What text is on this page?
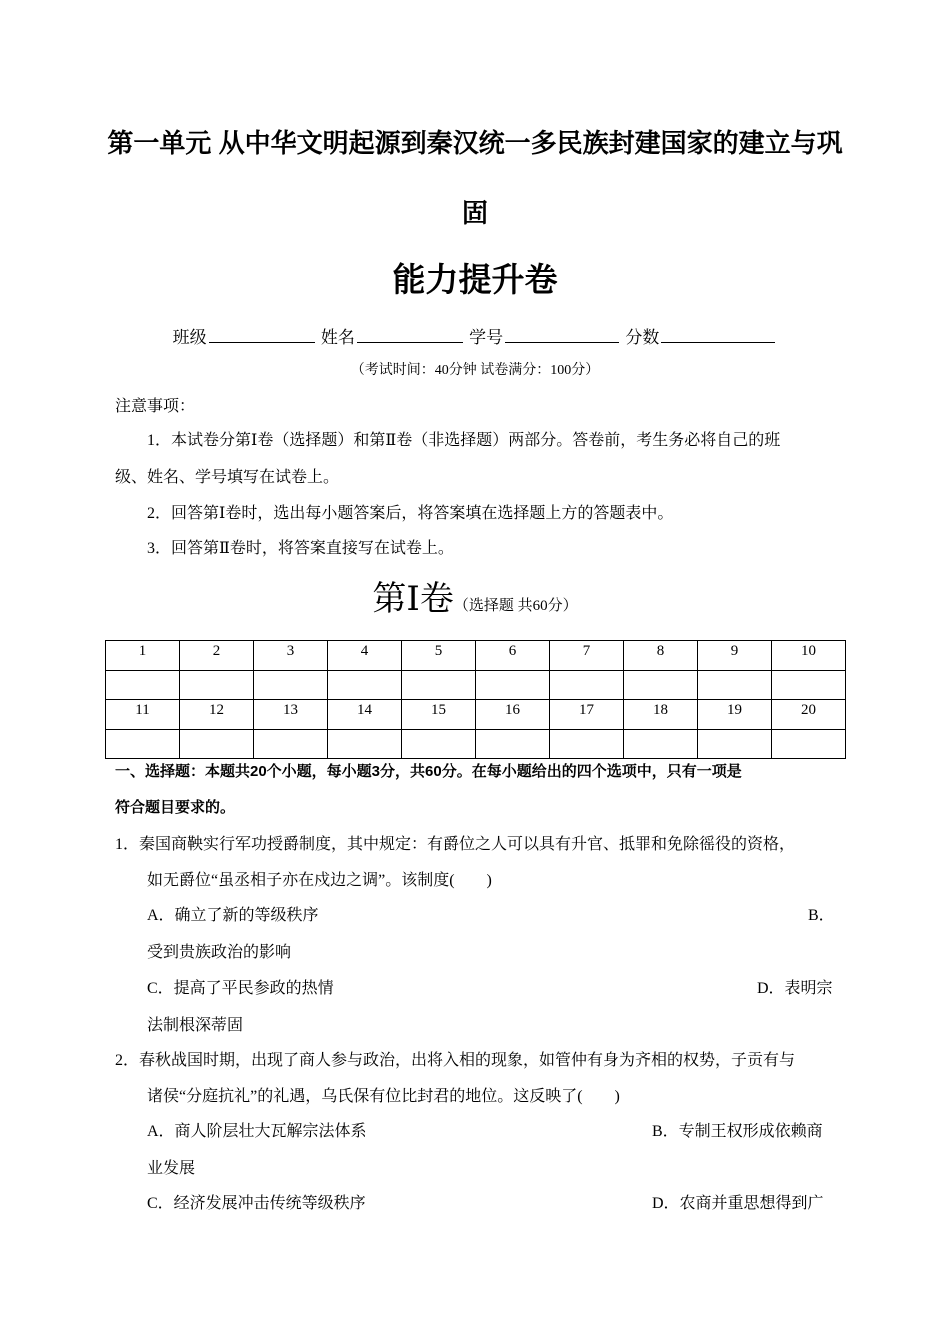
第一单元 从中华文明起源到秦汉统一多民族封建国家的建立与巩
固
能力提升卷
班级	姓名	学号	分数
（考试时间：40分钟 试卷满分：100分）
注意事项：
1．本试卷分第Ⅰ卷（选择题）和第Ⅱ卷（非选择题）两部分。答卷前，考生务必将自己的班
级、姓名、学号填写在试卷上。
2．回答第Ⅰ卷时，选出每小题答案后，将答案填在选择题上方的答题表中。
3．回答第Ⅱ卷时，将答案直接写在试卷上。
第Ⅰ卷（选择题 共60分）
1	2	3	4	5	6	7	8	9	10

11	12	13	14	15	16	17	18	19	20

一、选择题：本题共20个小题，每小题3分，共60分。在每小题给出的四个选项中，只有一项是
符合题目要求的。
1．秦国商鞅实行军功授爵制度，其中规定：有爵位之人可以具有升官、抵罪和免除徭役的资格，
如无爵位“虽丞相子亦在戍边之调”。该制度(　　)
A．确立了新的等级秩序	B．
受到贵族政治的影响
C．提高了平民参政的热情	D．表明宗
法制根深蒂固
2．春秋战国时期，出现了商人参与政治，出将入相的现象，如管仲有身为齐相的权势，子贡有与
诸侯“分庭抗礼”的礼遇，乌氏保有位比封君的地位。这反映了(　　)
A．商人阶层壮大瓦解宗法体系	B．专制王权形成依赖商
业发展
C．经济发展冲击传统等级秩序	D．农商并重思想得到广
